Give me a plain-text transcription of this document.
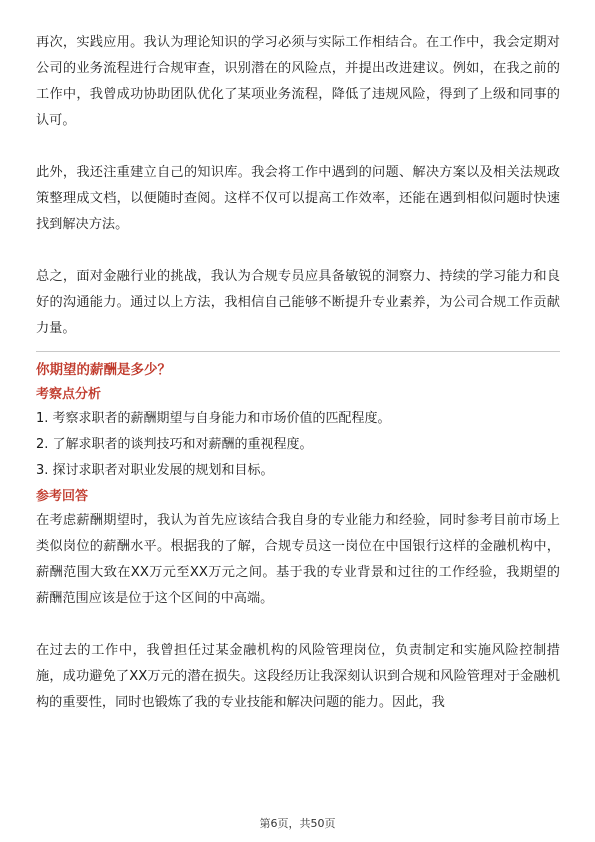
再次，实践应用。我认为理论知识的学习必须与实际工作相结合。在工作中，我会定期对公司的业务流程进行合规审查，识别潜在的风险点，并提出改进建议。例如，在我之前的工作中，我曾成功协助团队优化了某项业务流程，降低了违规风险，得到了上级和同事的认可。

此外，我还注重建立自己的知识库。我会将工作中遇到的问题、解决方案以及相关法规政策整理成文档，以便随时查阅。这样不仅可以提高工作效率，还能在遇到相似问题时快速找到解决方法。

总之，面对金融行业的挑战，我认为合规专员应具备敏锐的洞察力、持续的学习能力和良好的沟通能力。通过以上方法，我相信自己能够不断提升专业素养，为公司合规工作贡献力量。

你期望的薪酬是多少？

考察点分析

1. 考察求职者的薪酬期望与自身能力和市场价值的匹配程度。

2. 了解求职者的谈判技巧和对薪酬的重视程度。

3. 探讨求职者对职业发展的规划和目标。

参考回答

在考虑薪酬期望时，我认为首先应该结合我自身的专业能力和经验，同时参考目前市场上类似岗位的薪酬水平。根据我的了解，合规专员这一岗位在中国银行这样的金融机构中，薪酬范围大致在XX万元至XX万元之间。基于我的专业背景和过往的工作经验，我期望的薪酬范围应该是位于这个区间的中高端。

在过去的工作中，我曾担任过某金融机构的风险管理岗位，负责制定和实施风险控制措施，成功避免了XX万元的潜在损失。这段经历让我深刻认识到合规和风险管理对于金融机构的重要性，同时也锻炼了我的专业技能和解决问题的能力。因此，我

第6页，共50页
